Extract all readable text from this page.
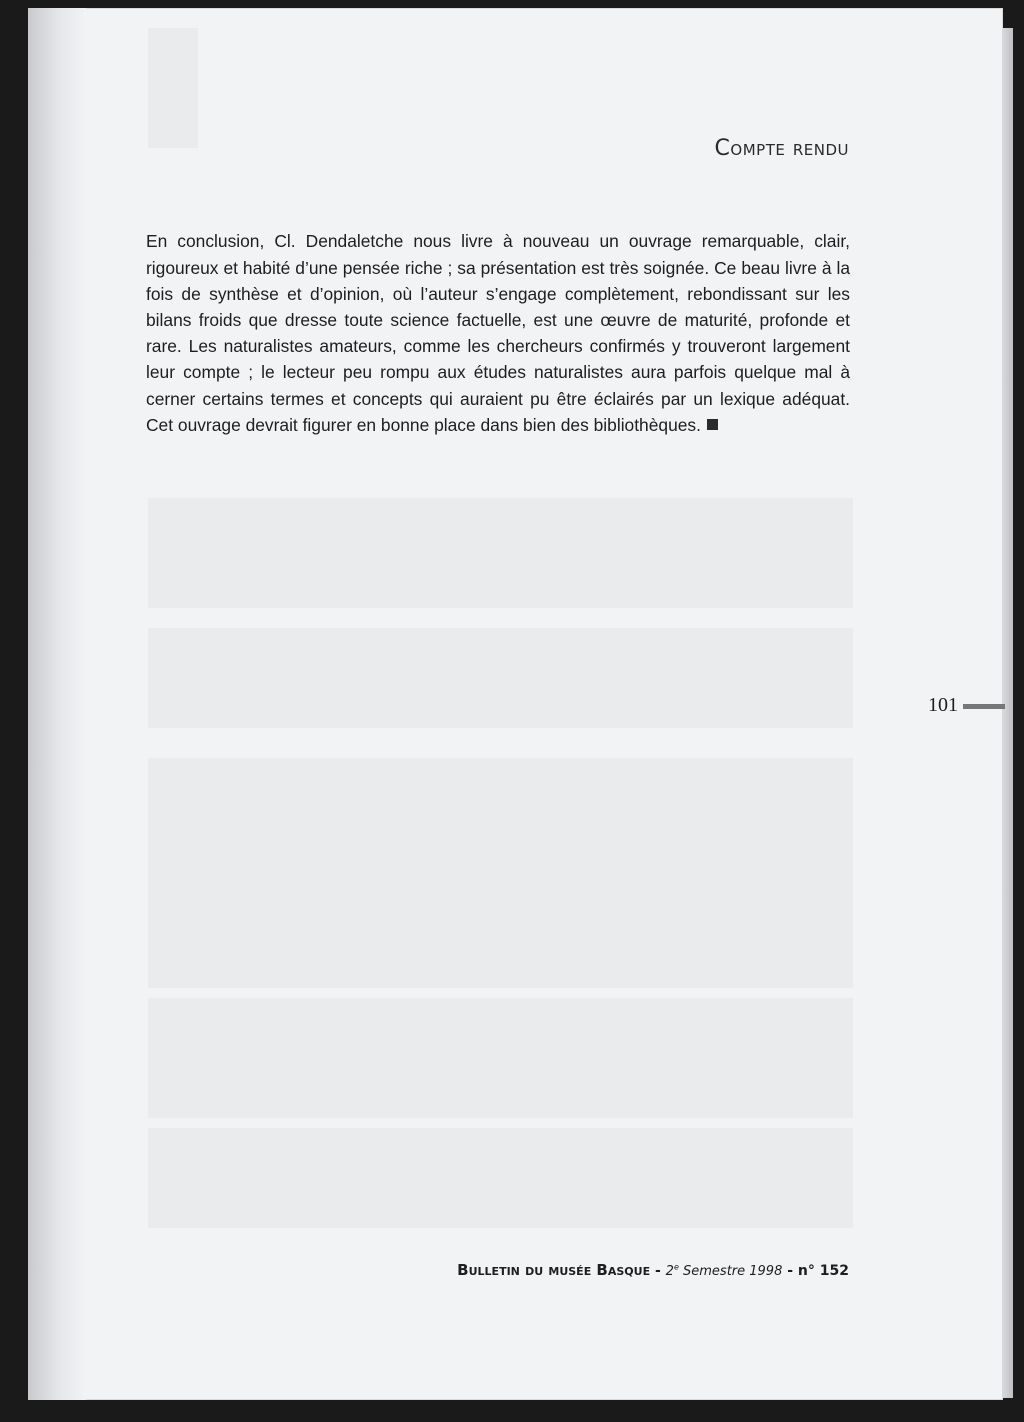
Compte rendu

En conclusion, Cl. Dendaletche nous livre à nouveau un ouvrage remarquable, clair, rigoureux et habité d’une pensée riche ; sa présentation est très soignée. Ce beau livre à la fois de synthèse et d’opinion, où l’auteur s’engage complètement, rebondissant sur les bilans froids que dresse toute science factuelle, est une œuvre de maturité, profonde et rare. Les naturalistes amateurs, comme les chercheurs confirmés y trouveront largement leur compte ; le lecteur peu rompu aux études naturalistes aura parfois quelque mal à cerner certains termes et concepts qui auraient pu être éclairés par un lexique adéquat. Cet ouvrage devrait figurer en bonne place dans bien des bibliothèques.

101
Bulletin du musée Basque - 2e Semestre 1998 - n° 152
